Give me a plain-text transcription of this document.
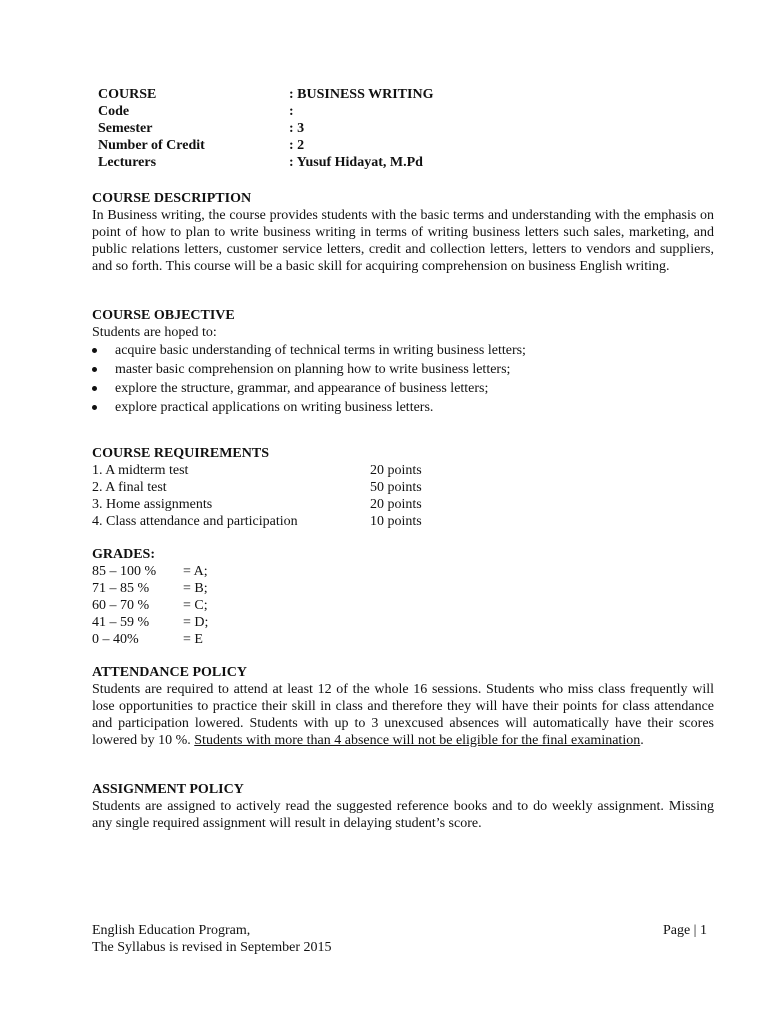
COURSE	: BUSINESS WRITING
Code	:
Semester	: 3
Number of Credit	: 2
Lecturers	: Yusuf Hidayat, M.Pd
COURSE DESCRIPTION
In Business writing, the course provides students with the basic terms and understanding with the emphasis on point of how to plan to write business writing in terms of writing business letters such sales, marketing, and public relations letters, customer service letters, credit and collection letters, letters to vendors and suppliers, and so forth. This course will be a basic skill for acquiring comprehension on business English writing.
COURSE OBJECTIVE
Students are hoped to:
acquire basic understanding of technical terms in writing business letters;
master basic comprehension on planning how to write business letters;
explore the structure, grammar, and appearance of business letters;
explore practical applications on writing business letters.
COURSE REQUIREMENTS
1. A midterm test	20 points
2. A final test	50 points
3. Home assignments	20 points
4. Class attendance and participation	10 points
GRADES:
85 – 100 %	= A;
71 – 85 %	= B;
60 – 70 %	= C;
41 – 59 %	= D;
0 – 40%	= E
ATTENDANCE POLICY
Students are required to attend at least 12 of the whole 16 sessions. Students who miss class frequently will lose opportunities to practice their skill in class and therefore they will have their points for class attendance and participation lowered. Students with up to 3 unexcused absences will automatically have their scores lowered by 10 %. Students with more than 4 absence will not be eligible for the final examination.
ASSIGNMENT POLICY
Students are assigned to actively read the suggested reference books and to do weekly assignment. Missing any single required assignment will result in delaying student’s score.
English Education Program,
The Syllabus is revised in September 2015
Page | 1
